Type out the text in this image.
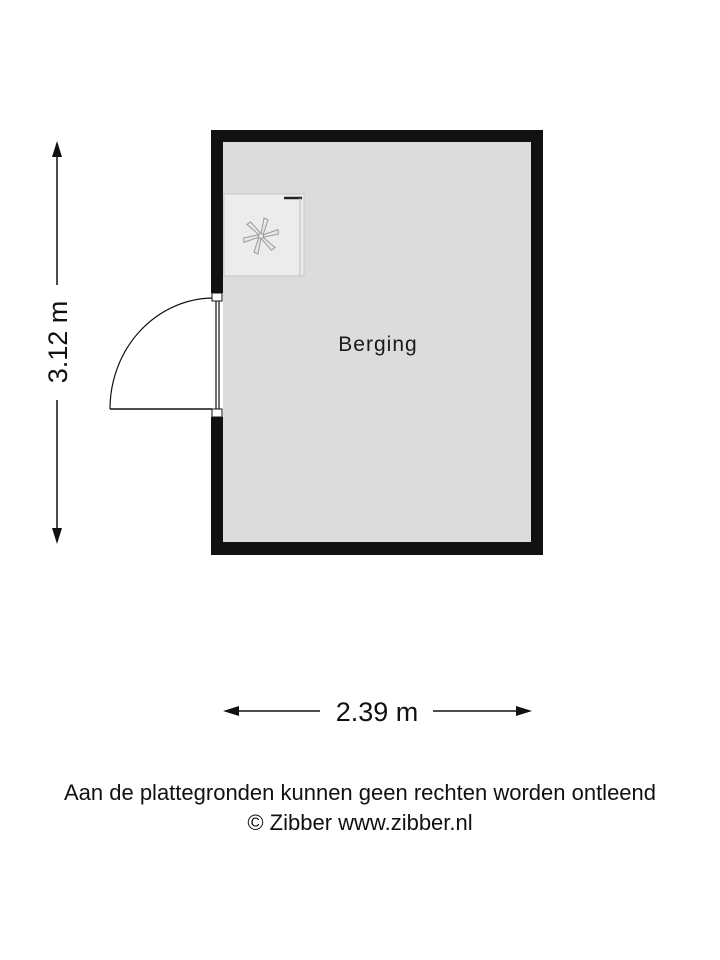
Berging
3.12 m
2.39 m
Aan de plattegronden kunnen geen rechten worden ontleend
© Zibber www.zibber.nl
